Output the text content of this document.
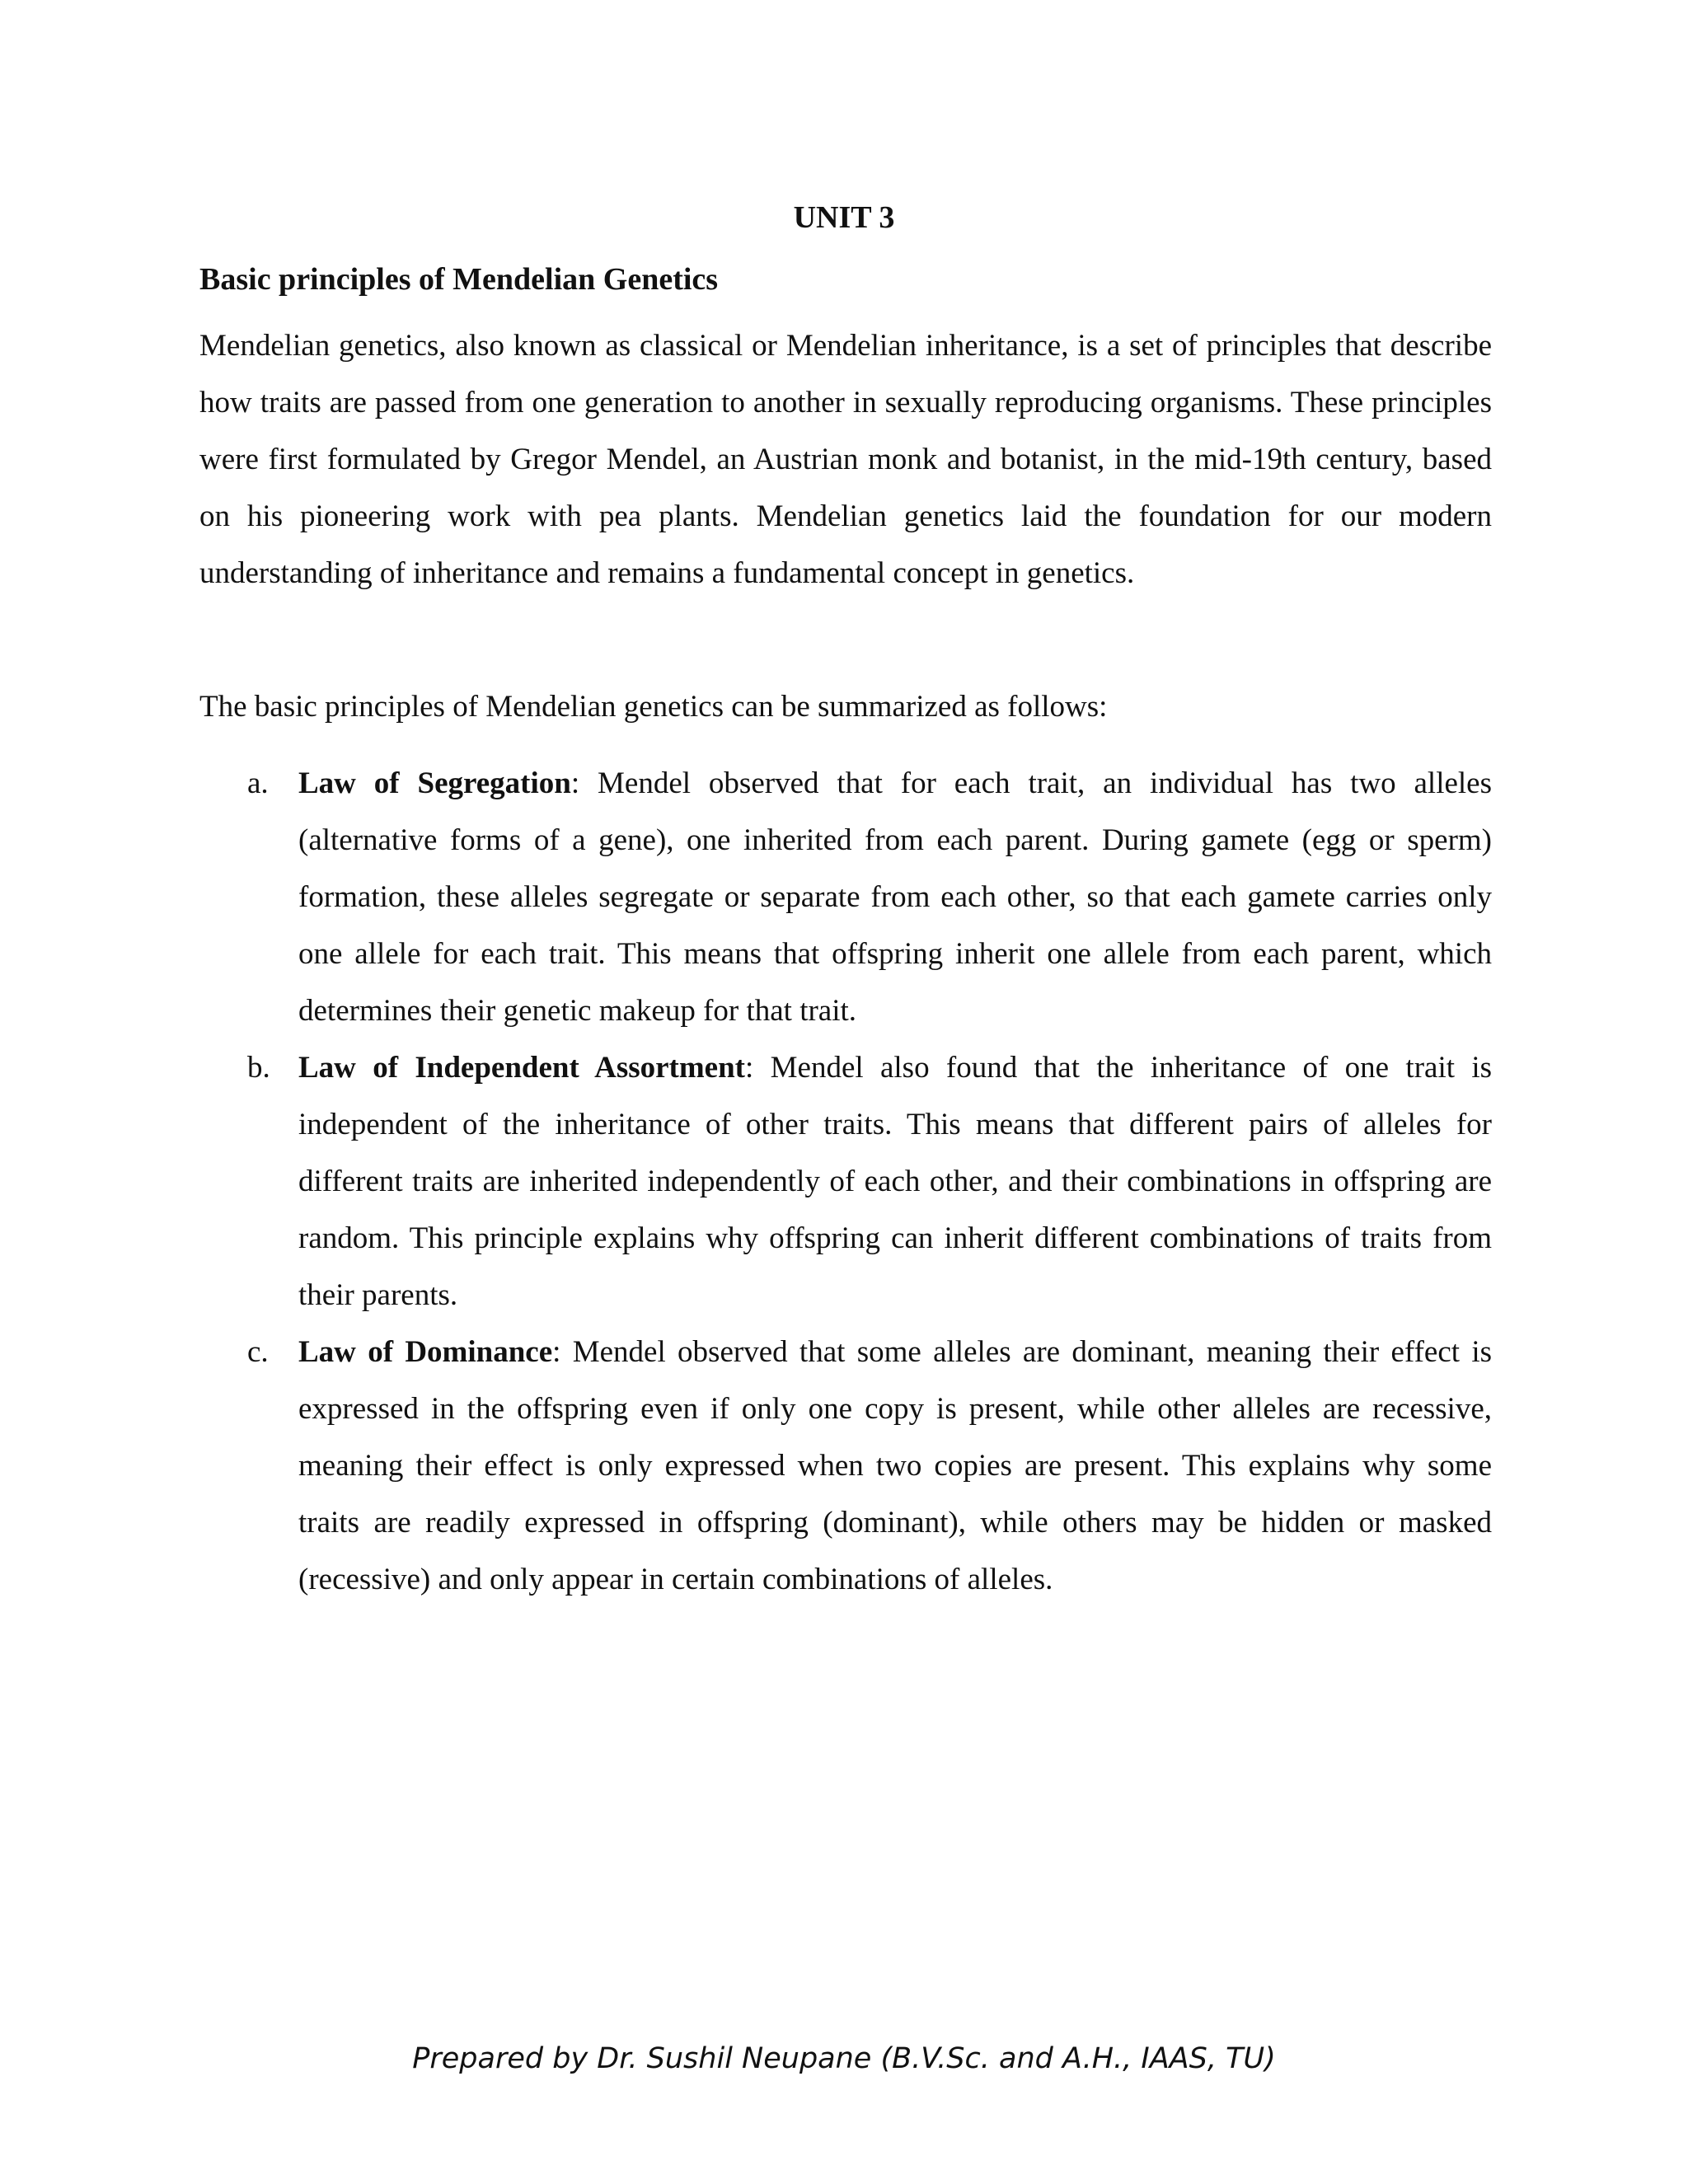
UNIT 3
Basic principles of Mendelian Genetics

Mendelian genetics, also known as classical or Mendelian inheritance, is a set of principles that describe how traits are passed from one generation to another in sexually reproducing organisms. These principles were first formulated by Gregor Mendel, an Austrian monk and botanist, in the mid-19th century, based on his pioneering work with pea plants. Mendelian genetics laid the foundation for our modern understanding of inheritance and remains a fundamental concept in genetics.

The basic principles of Mendelian genetics can be summarized as follows:

a. Law of Segregation: Mendel observed that for each trait, an individual has two alleles (alternative forms of a gene), one inherited from each parent. During gamete (egg or sperm) formation, these alleles segregate or separate from each other, so that each gamete carries only one allele for each trait. This means that offspring inherit one allele from each parent, which determines their genetic makeup for that trait.
b. Law of Independent Assortment: Mendel also found that the inheritance of one trait is independent of the inheritance of other traits. This means that different pairs of alleles for different traits are inherited independently of each other, and their combinations in offspring are random. This principle explains why offspring can inherit different combinations of traits from their parents.
c. Law of Dominance: Mendel observed that some alleles are dominant, meaning their effect is expressed in the offspring even if only one copy is present, while other alleles are recessive, meaning their effect is only expressed when two copies are present. This explains why some traits are readily expressed in offspring (dominant), while others may be hidden or masked (recessive) and only appear in certain combinations of alleles.

Prepared by Dr. Sushil Neupane (B.V.Sc. and A.H., IAAS, TU)
